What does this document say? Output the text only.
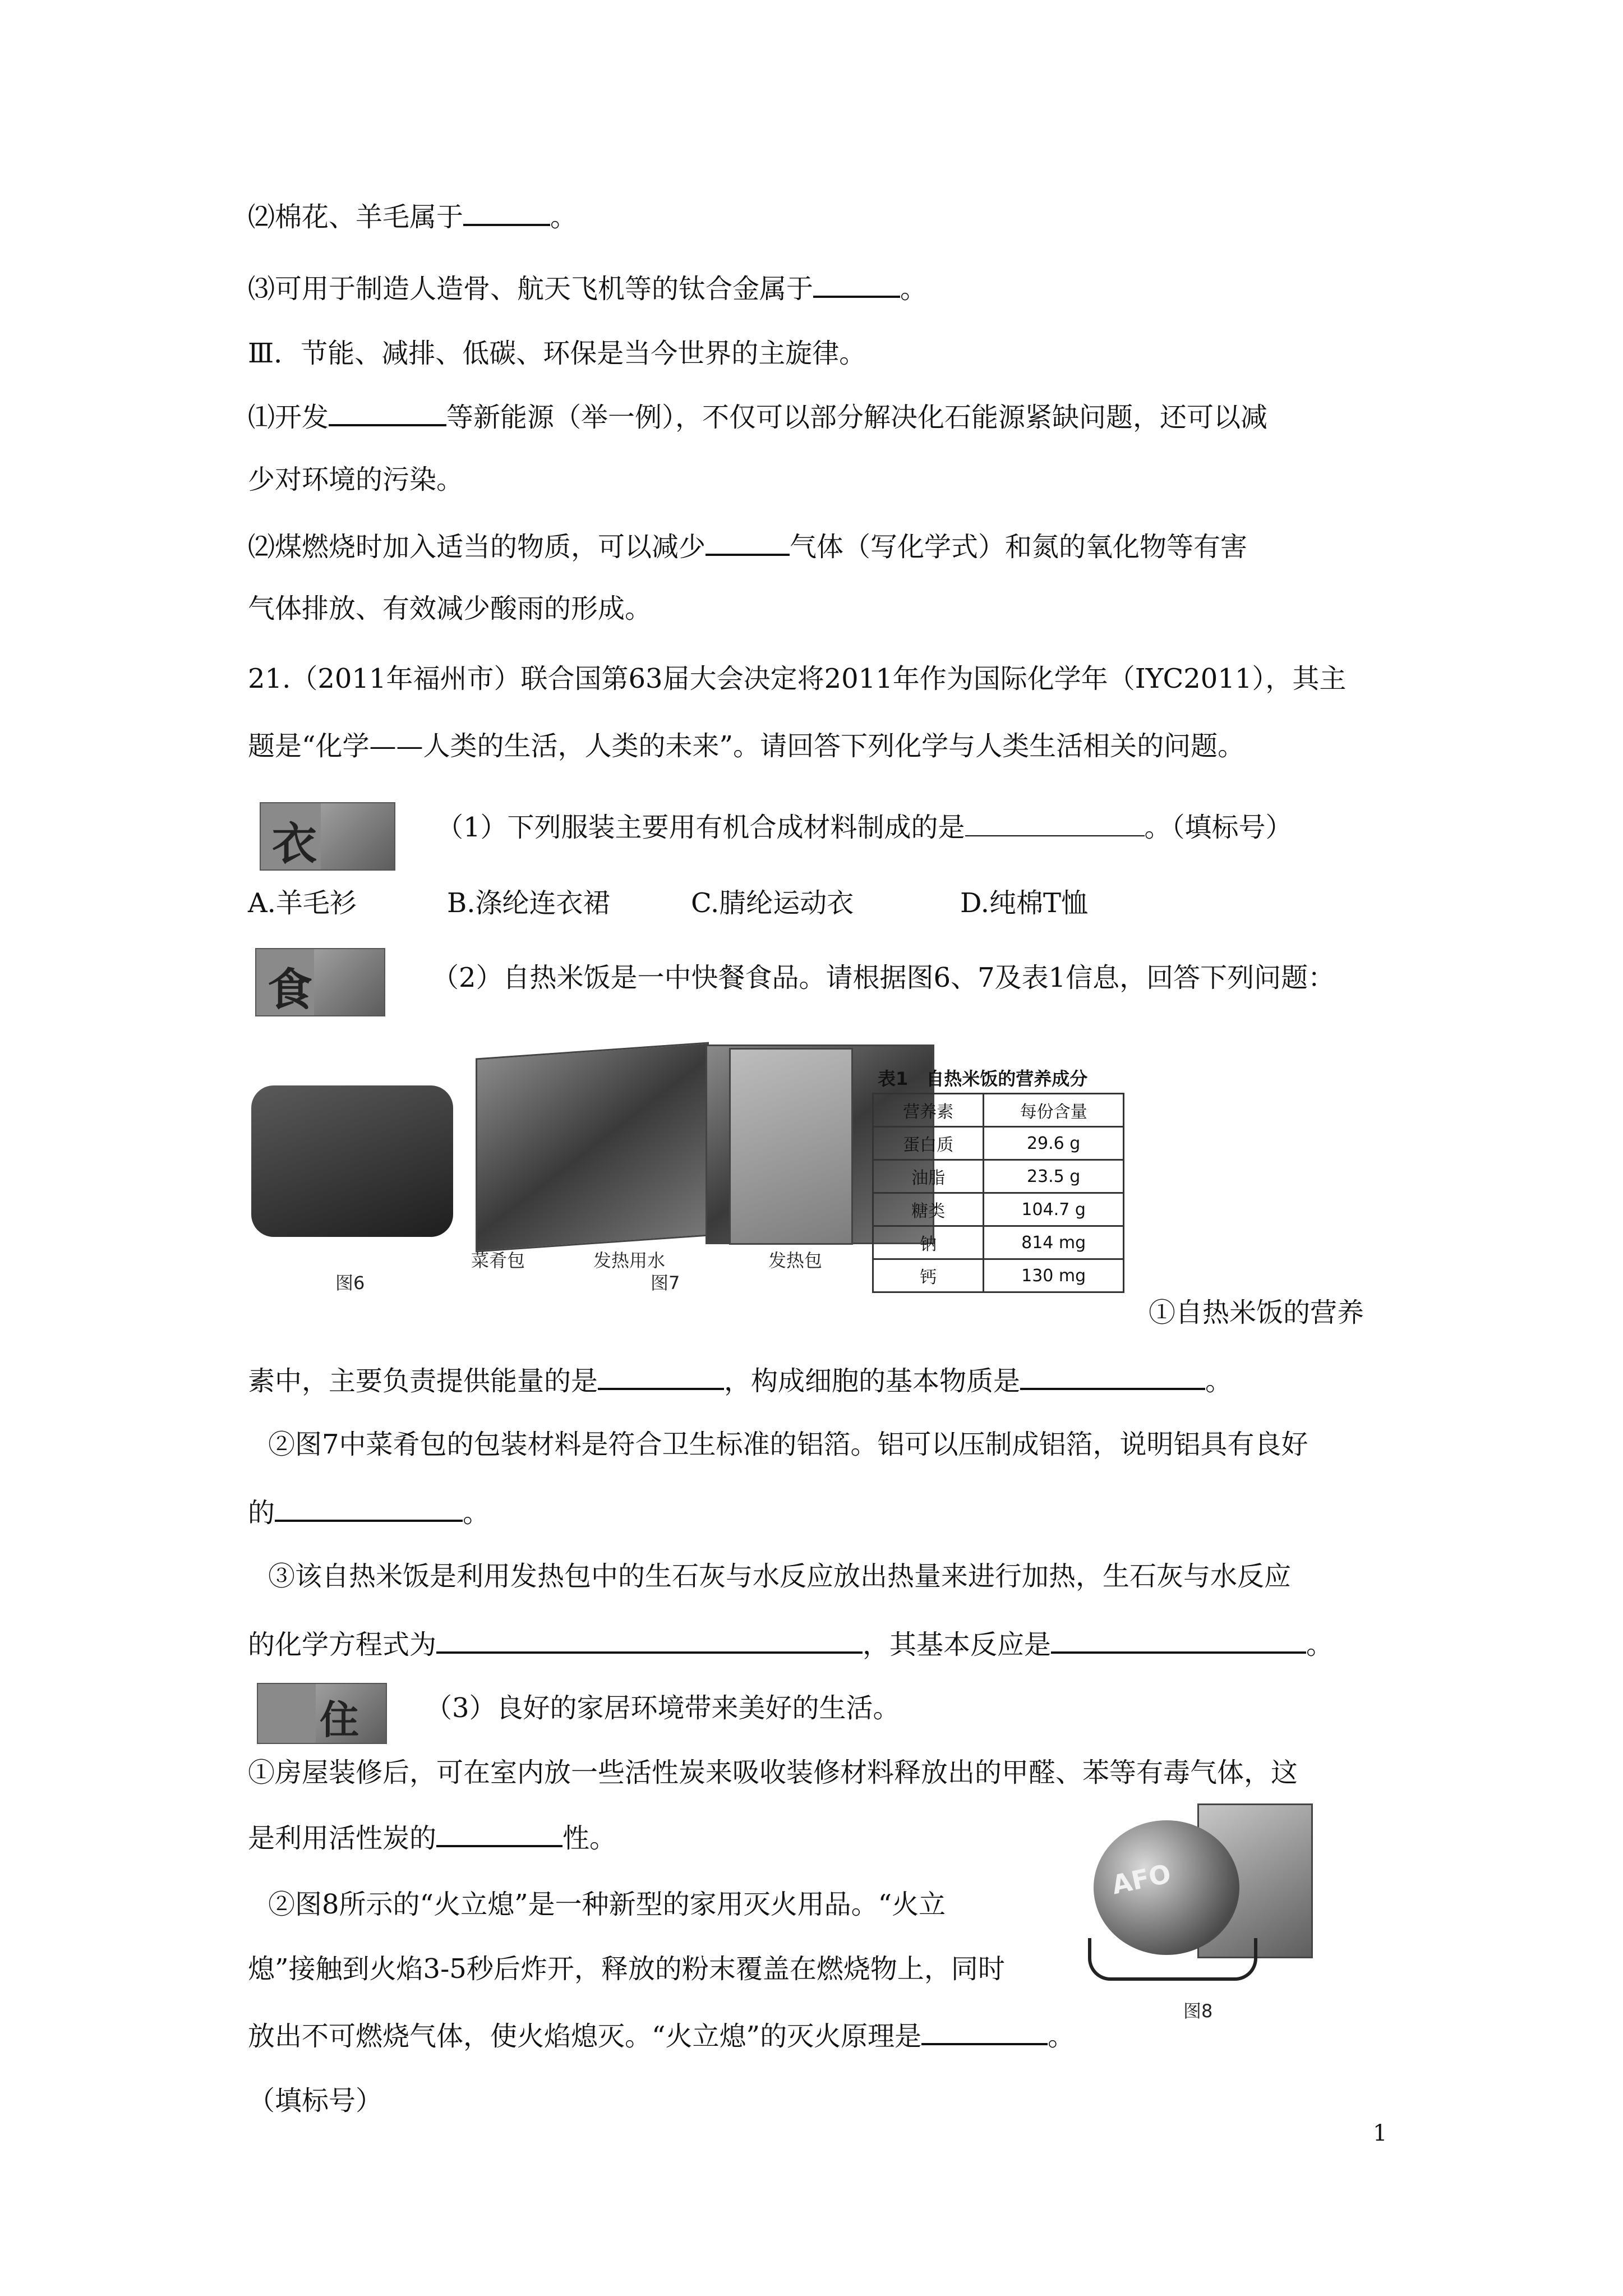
⑵棉花、羊毛属于	。
⑶可用于制造人造骨、航天飞机等的钛合金属于	。
Ⅲ．节能、减排、低碳、环保是当今世界的主旋律。
⑴开发	等新能源（举一例），不仅可以部分解决化石能源紧缺问题，还可以减
少对环境的污染。
⑵煤燃烧时加入适当的物质，可以减少	气体（写化学式）和氮的氧化物等有害
气体排放、有效减少酸雨的形成。
21.（2011年福州市）联合国第63届大会决定将2011年作为国际化学年（IYC2011），其主
题是“化学——人类的生活，人类的未来”。请回答下列化学与人类生活相关的问题。
衣	（1）下列服装主要用有机合成材料制成的是	。（填标号）
A.羊毛衫	B.涤纶连衣裙	C.腈纶运动衣	D.纯棉T恤
食	（2）自热米饭是一中快餐食品。请根据图6、7及表1信息，回答下列问题：
图6
菜肴包	发热用水	发热包
图7
表1　自热米饭的营养成分
营养素	每份含量
蛋白质	29.6 g
油脂	23.5 g
糖类	104.7 g
钠	814 mg
钙	130 mg
①自热米饭的营养
素中，主要负责提供能量的是	，构成细胞的基本物质是	。
②图7中菜肴包的包装材料是符合卫生标准的铝箔。铝可以压制成铝箔，说明铝具有良好
的	。
③该自热米饭是利用发热包中的生石灰与水反应放出热量来进行加热，生石灰与水反应
的化学方程式为	，其基本反应是	。
住 （3）良好的家居环境带来美好的生活。
①房屋装修后，可在室内放一些活性炭来吸收装修材料释放出的甲醛、苯等有毒气体，这
是利用活性炭的	性。
②图8所示的“火立熄”是一种新型的家用灭火用品。“火立
熄”接触到火焰3-5秒后炸开，释放的粉末覆盖在燃烧物上，同时
放出不可燃烧气体，使火焰熄灭。“火立熄”的灭火原理是	。
（填标号）
AFO
图8
1
